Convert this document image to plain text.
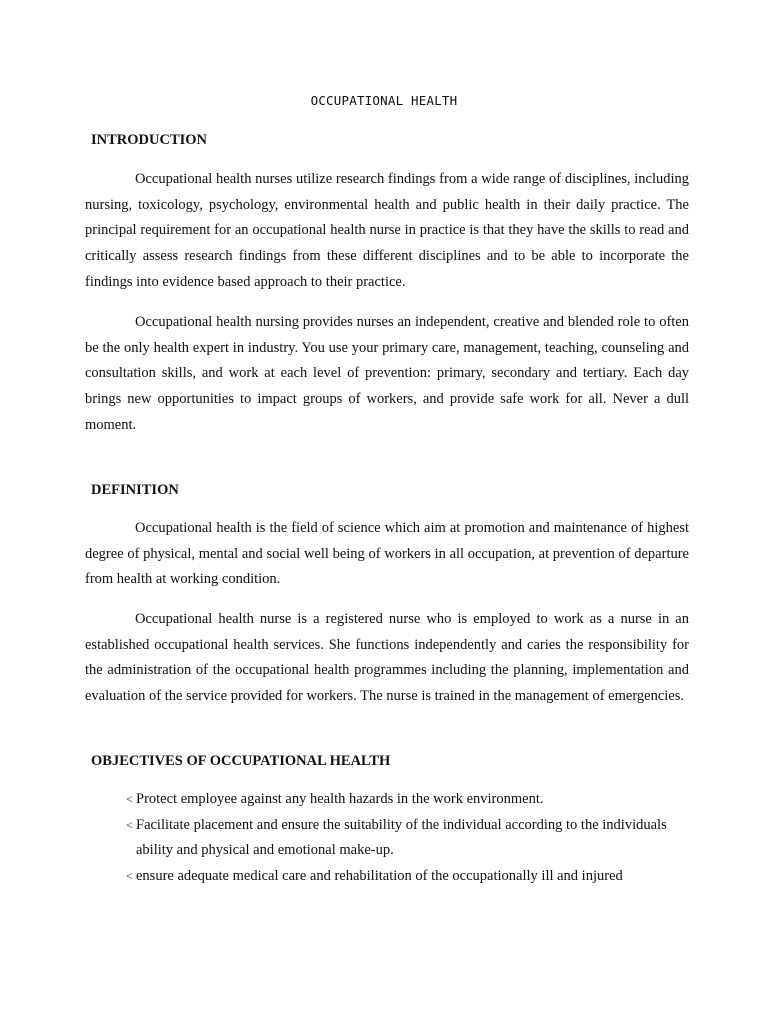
OCCUPATIONAL HEALTH
INTRODUCTION

Occupational health nurses utilize research findings from a wide range of disciplines, including nursing, toxicology, psychology, environmental health and public health in their daily practice. The principal requirement for an occupational health nurse in practice is that they have the skills to read and critically assess research findings from these different disciplines and to be able to incorporate the findings into evidence based approach to their practice.

Occupational health nursing provides nurses an independent, creative and blended role to often be the only health expert in industry. You use your primary care, management, teaching, counseling and consultation skills, and work at each level of prevention: primary, secondary and tertiary. Each day brings new opportunities to impact groups of workers, and provide safe work for all. Never a dull moment.

DEFINITION

Occupational health is the field of science which aim at promotion and maintenance of highest degree of physical, mental and social well being of workers in all occupation, at prevention of departure from health at working condition.

Occupational health nurse is a registered nurse who is employed to work as a nurse in an established occupational health services. She functions independently and caries the responsibility for the administration of the occupational health programmes including the planning, implementation and evaluation of the service provided for workers. The nurse is trained in the management of emergencies.

OBJECTIVES OF OCCUPATIONAL HEALTH
< Protect employee against any health hazards in the work environment.
< Facilitate placement and ensure the suitability of the individual according to the individuals ability and physical and emotional make-up.
< ensure adequate medical care and rehabilitation of the occupationally ill and injured
